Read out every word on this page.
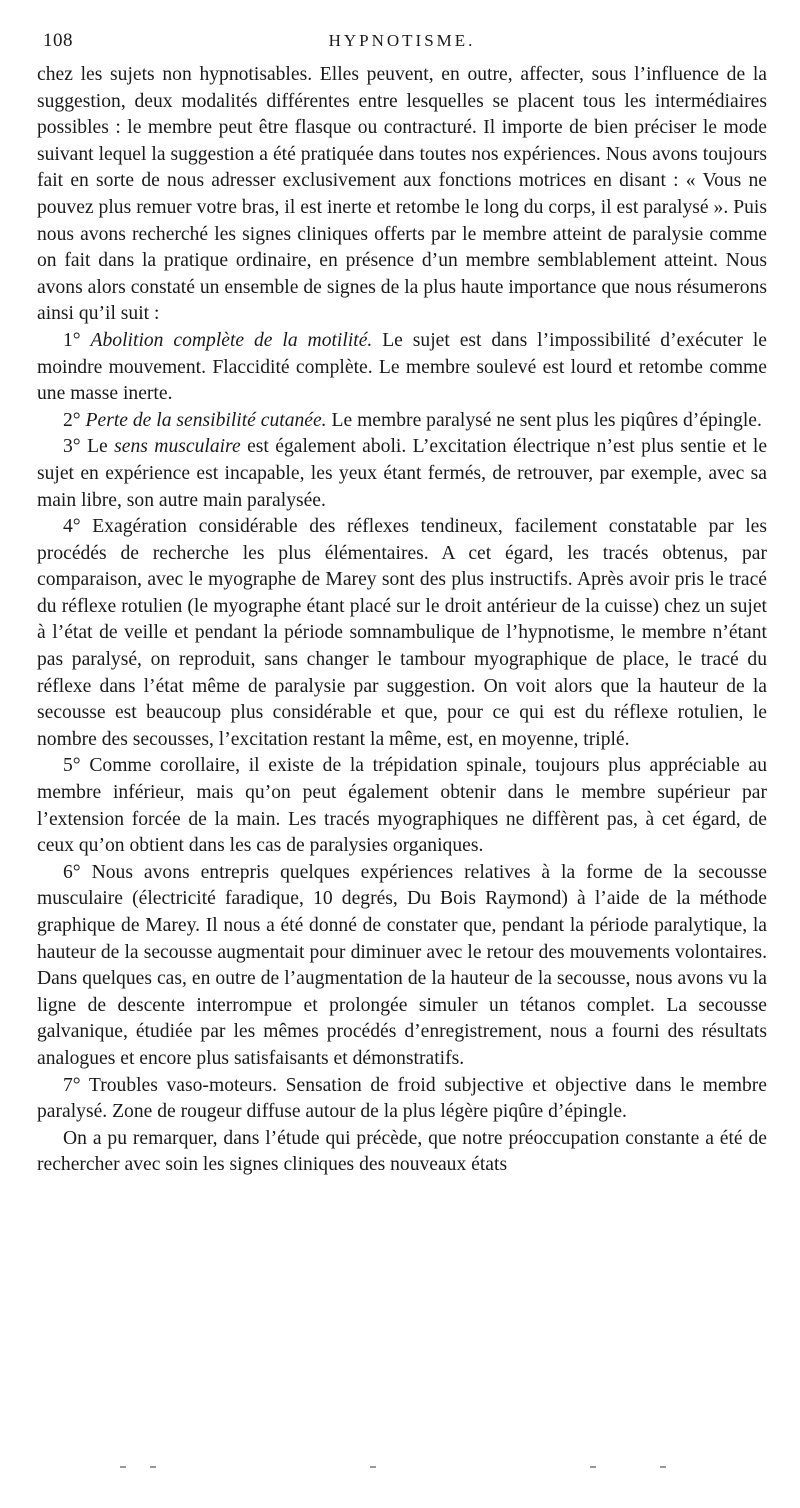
108	HYPNOTISME.

chez les sujets non hypnotisables. Elles peuvent, en outre, affecter, sous l’influence de la suggestion, deux modalités différentes entre lesquelles se placent tous les intermédiaires possibles : le membre peut être flasque ou contracturé. Il importe de bien préciser le mode suivant lequel la suggestion a été pratiquée dans toutes nos expériences. Nous avons toujours fait en sorte de nous adresser exclusivement aux fonctions motrices en disant : « Vous ne pouvez plus remuer votre bras, il est inerte et retombe le long du corps, il est paralysé ». Puis nous avons recherché les signes cliniques offerts par le membre atteint de paralysie comme on fait dans la pratique ordinaire, en présence d’un membre semblablement atteint. Nous avons alors constaté un ensemble de signes de la plus haute importance que nous résumerons ainsi qu’il suit :

1° Abolition complète de la motilité. Le sujet est dans l’impossibilité d’exécuter le moindre mouvement. Flaccidité complète. Le membre soulevé est lourd et retombe comme une masse inerte.

2° Perte de la sensibilité cutanée. Le membre paralysé ne sent plus les piqûres d’épingle.

3° Le sens musculaire est également aboli. L’excitation électrique n’est plus sentie et le sujet en expérience est incapable, les yeux étant fermés, de retrouver, par exemple, avec sa main libre, son autre main paralysée.

4° Exagération considérable des réflexes tendineux, facilement constatable par les procédés de recherche les plus élémentaires. A cet égard, les tracés obtenus, par comparaison, avec le myographe de Marey sont des plus instructifs. Après avoir pris le tracé du réflexe rotulien (le myographe étant placé sur le droit antérieur de la cuisse) chez un sujet à l’état de veille et pendant la période somnambulique de l’hypnotisme, le membre n’étant pas paralysé, on reproduit, sans changer le tambour myographique de place, le tracé du réflexe dans l’état même de paralysie par suggestion. On voit alors que la hauteur de la secousse est beaucoup plus considérable et que, pour ce qui est du réflexe rotulien, le nombre des secousses, l’excitation restant la même, est, en moyenne, triplé.

5° Comme corollaire, il existe de la trépidation spinale, toujours plus appréciable au membre inférieur, mais qu’on peut également obtenir dans le membre supérieur par l’extension forcée de la main. Les tracés myographiques ne diffèrent pas, à cet égard, de ceux qu’on obtient dans les cas de paralysies organiques.

6° Nous avons entrepris quelques expériences relatives à la forme de la secousse musculaire (électricité faradique, 10 degrés, Du Bois Raymond) à l’aide de la méthode graphique de Marey. Il nous a été donné de constater que, pendant la période paralytique, la hauteur de la secousse augmentait pour diminuer avec le retour des mouvements volontaires. Dans quelques cas, en outre de l’augmentation de la hauteur de la secousse, nous avons vu la ligne de descente interrompue et prolongée simuler un tétanos complet. La secousse galvanique, étudiée par les mêmes procédés d’enregistrement, nous a fourni des résultats analogues et encore plus satisfaisants et démonstratifs.

7° Troubles vaso-moteurs. Sensation de froid subjective et objective dans le membre paralysé. Zone de rougeur diffuse autour de la plus légère piqûre d’épingle.

On a pu remarquer, dans l’étude qui précède, que notre préoccupation constante a été de rechercher avec soin les signes cliniques des nouveaux états
